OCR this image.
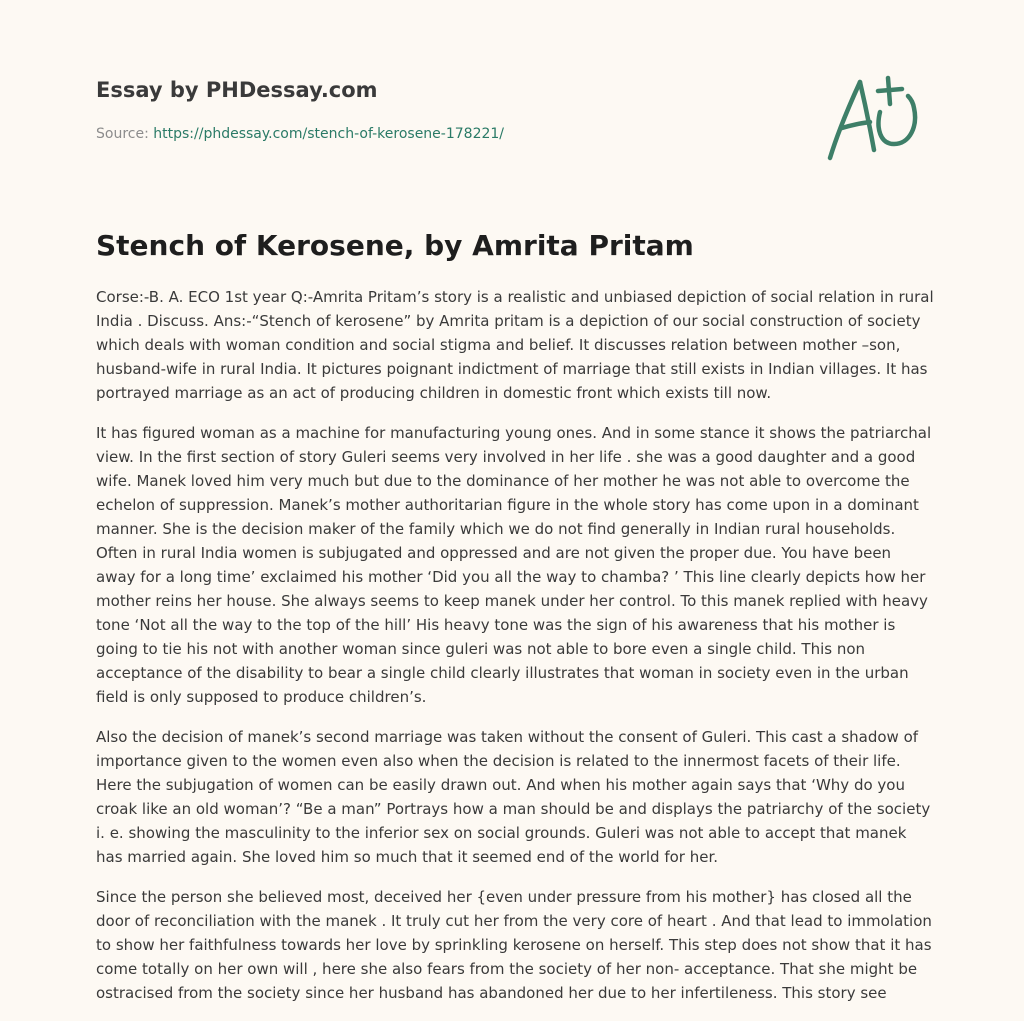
Essay by PHDessay.com
Source: https://phdessay.com/stench-of-kerosene-178221/
Stench of Kerosene, by Amrita Pritam

Corse:-B. A. ECO 1st year Q:-Amrita Pritam’s story is a realistic and unbiased depiction of social relation in rural India . Discuss. Ans:-“Stench of kerosene” by Amrita pritam is a depiction of our social construction of society which deals with woman condition and social stigma and belief. It discusses relation between mother –son, husband-wife in rural India. It pictures poignant indictment of marriage that still exists in Indian villages. It has portrayed marriage as an act of producing children in domestic front which exists till now.

It has figured woman as a machine for manufacturing young ones. And in some stance it shows the patriarchal view. In the first section of story Guleri seems very involved in her life . she was a good daughter and a good wife. Manek loved him very much but due to the dominance of her mother he was not able to overcome the echelon of suppression. Manek’s mother authoritarian figure in the whole story has come upon in a dominant manner. She is the decision maker of the family which we do not find generally in Indian rural households. Often in rural India women is subjugated and oppressed and are not given the proper due. You have been away for a long time’ exclaimed his mother ‘Did you all the way to chamba? ’ This line clearly depicts how her mother reins her house. She always seems to keep manek under her control. To this manek replied with heavy tone ‘Not all the way to the top of the hill’ His heavy tone was the sign of his awareness that his mother is going to tie his not with another woman since guleri was not able to bore even a single child. This non acceptance of the disability to bear a single child clearly illustrates that woman in society even in the urban field is only supposed to produce children’s.

Also the decision of manek’s second marriage was taken without the consent of Guleri. This cast a shadow of importance given to the women even also when the decision is related to the innermost facets of their life. Here the subjugation of women can be easily drawn out. And when his mother again says that ‘Why do you croak like an old woman’? “Be a man” Portrays how a man should be and displays the patriarchy of the society i. e. showing the masculinity to the inferior sex on social grounds. Guleri was not able to accept that manek has married again. She loved him so much that it seemed end of the world for her.

Since the person she believed most, deceived her {even under pressure from his mother} has closed all the door of reconciliation with the manek . It truly cut her from the very core of heart . And that lead to immolation to show her faithfulness towards her love by sprinkling kerosene on herself. This step does not show that it has come totally on her own will , here she also fears from the society of her non- acceptance. That she might be ostracised from the society since her husband has abandoned her due to her infertileness. This story see
